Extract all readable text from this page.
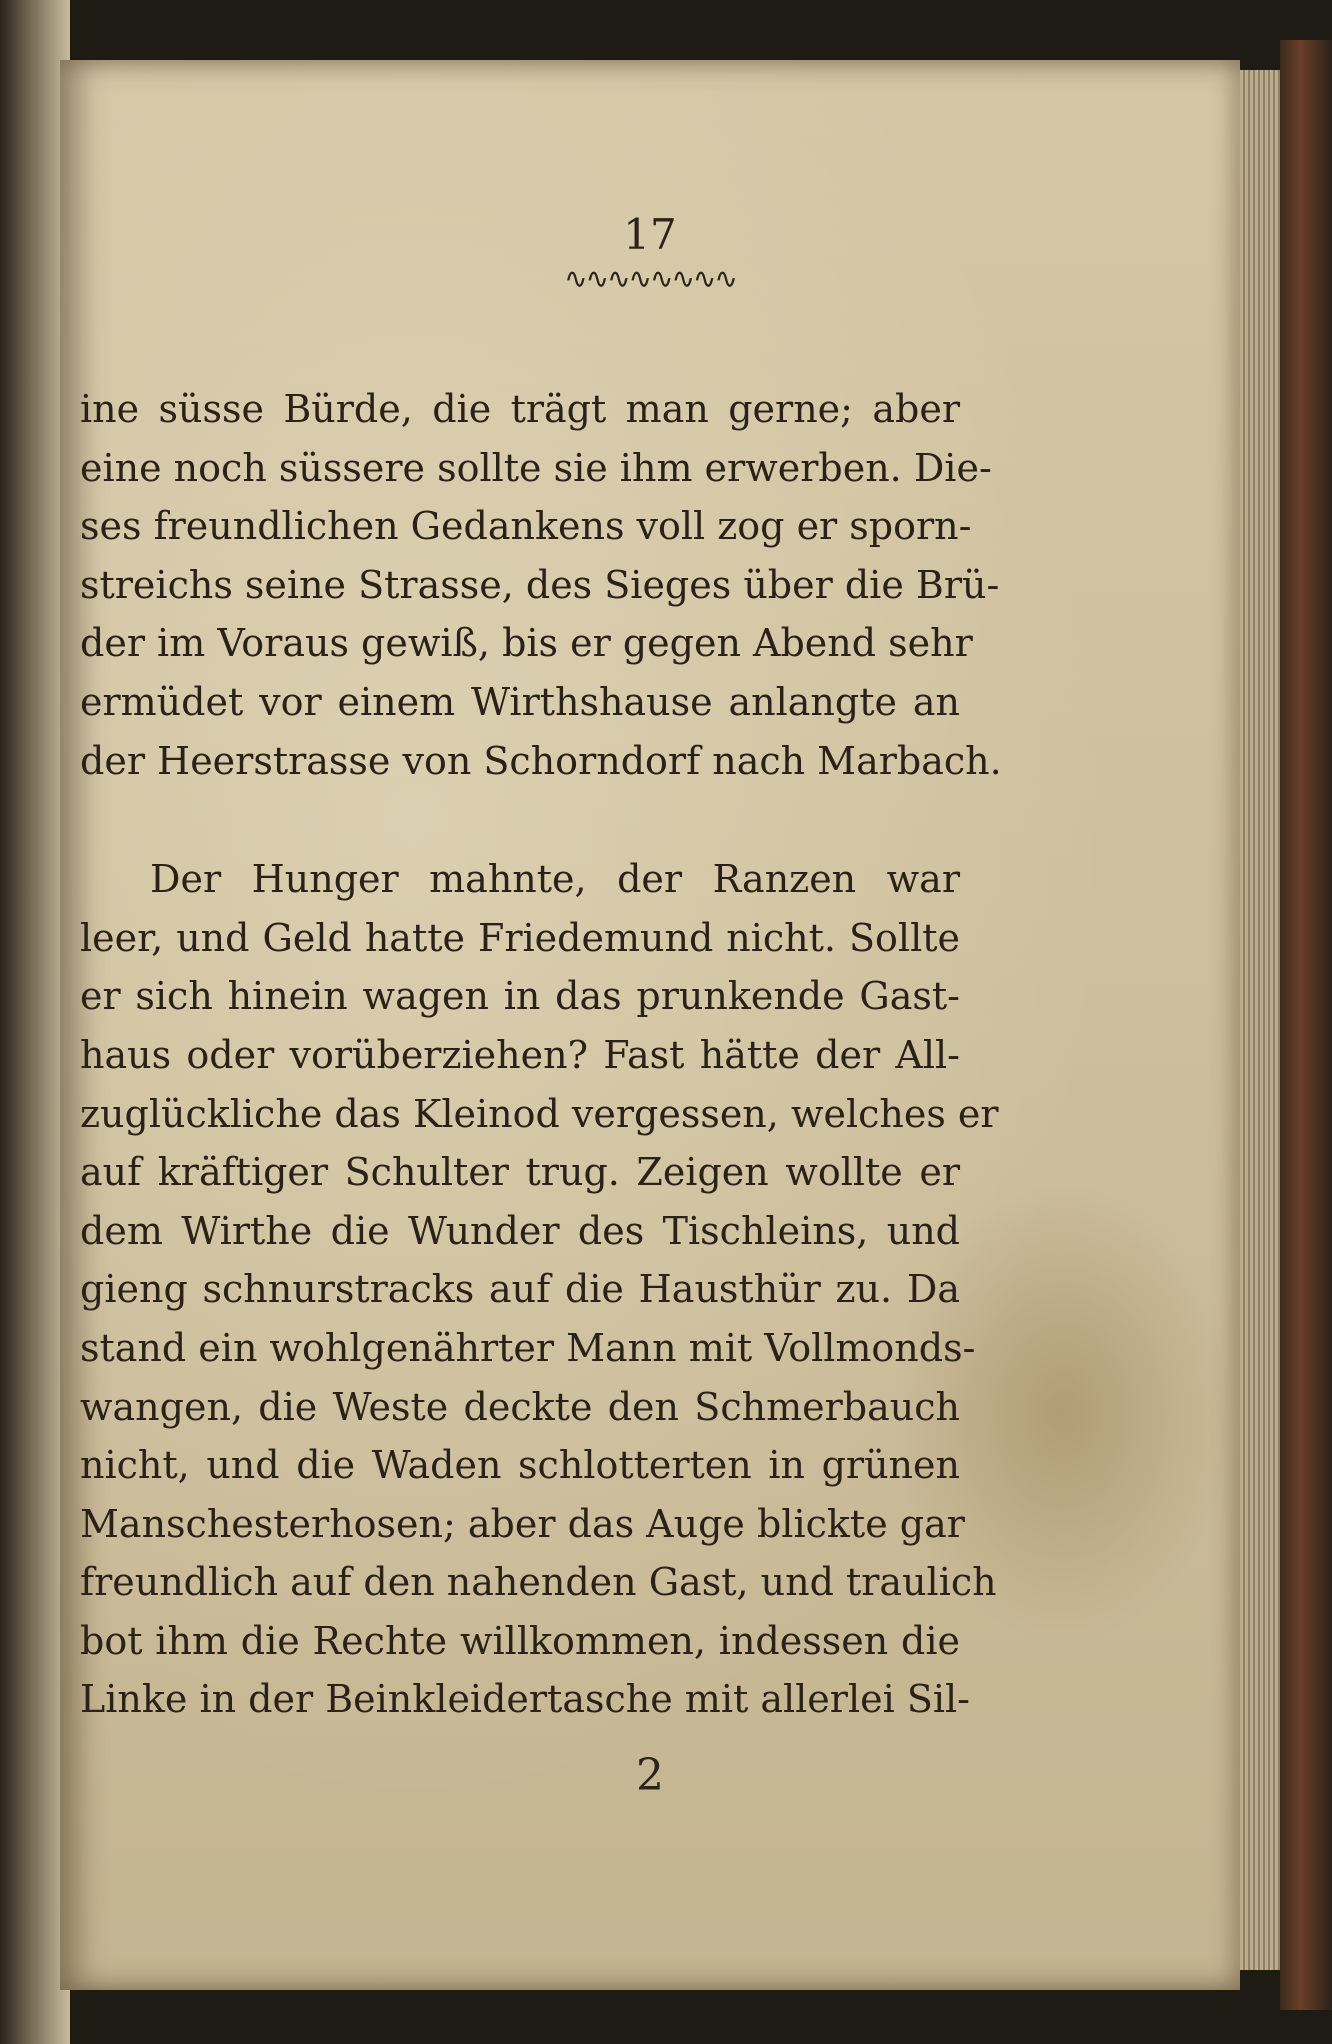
17
∿∿∿∿∿∿∿∿
ine süsse Bürde, die trägt man gerne; aber
eine noch süssere sollte sie ihm erwerben. Die-
ses freundlichen Gedankens voll zog er sporn-
streichs seine Strasse, des Sieges über die Brü-
der im Voraus gewiß, bis er gegen Abend sehr
ermüdet vor einem Wirthshause anlangte an
der Heerstrasse von Schorndorf nach Marbach.
Der Hunger mahnte, der Ranzen war
leer, und Geld hatte Friedemund nicht. Sollte
er sich hinein wagen in das prunkende Gast-
haus oder vorüberziehen? Fast hätte der All-
zuglückliche das Kleinod vergessen, welches er
auf kräftiger Schulter trug. Zeigen wollte er
dem Wirthe die Wunder des Tischleins, und
gieng schnurstracks auf die Hausthür zu. Da
stand ein wohlgenährter Mann mit Vollmonds-
wangen, die Weste deckte den Schmerbauch
nicht, und die Waden schlotterten in grünen
Manschesterhosen; aber das Auge blickte gar
freundlich auf den nahenden Gast, und traulich
bot ihm die Rechte willkommen, indessen die
Linke in der Beinkleidertasche mit allerlei Sil-
2
